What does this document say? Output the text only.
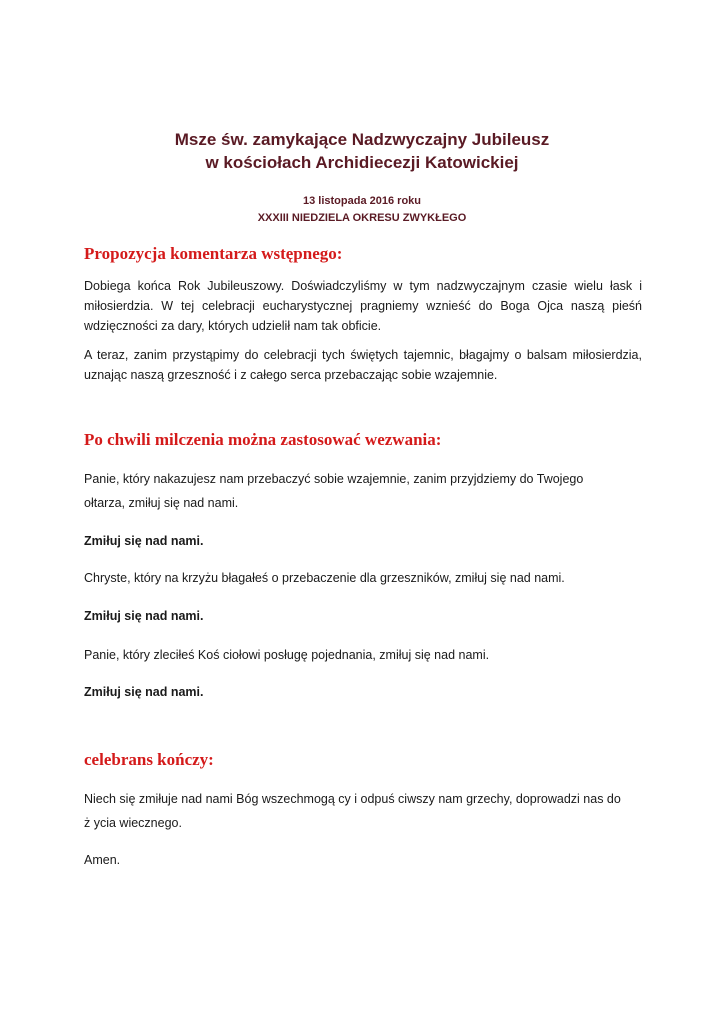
Msze św. zamykające Nadzwyczajny Jubileusz
w kościołach Archidiecezji Katowickiej

13 listopada 2016 roku

XXXIII NIEDZIELA OKRESU ZWYKŁEGO

Propozycja komentarza wstępnego:

Dobiega końca Rok Jubileuszowy. Doświadczyliśmy w tym nadzwyczajnym czasie wielu łask i miłosierdzia. W tej celebracji eucharystycznej pragniemy wznieść do Boga Ojca naszą pieśń wdzięczności za dary, których udzielił nam tak obficie.

A teraz, zanim przystąpimy do celebracji tych świętych tajemnic, błagajmy o balsam miłosierdzia, uznając naszą grzeszność i z całego serca przebaczając sobie wzajemnie.

Po chwili milczenia można zastosować wezwania:

Panie, który nakazujesz nam przebaczyć sobie wzajemnie, zanim przyjdziemy do Twojego

ołtarza, zmiłuj się nad nami.

Zmiłuj się nad nami.

Chryste, który na krzyżu błagałeś o przebaczenie dla grzeszników, zmiłuj się nad nami.

Zmiłuj się nad nami.

Panie, który zleciłeś Koś ciołowi posługę pojednania, zmiłuj się nad nami.

Zmiłuj się nad nami.

celebrans kończy:

Niech się zmiłuje nad nami Bóg wszechmogą cy i odpuś ciwszy nam grzechy, doprowadzi nas do

ż ycia wiecznego.

Amen.
